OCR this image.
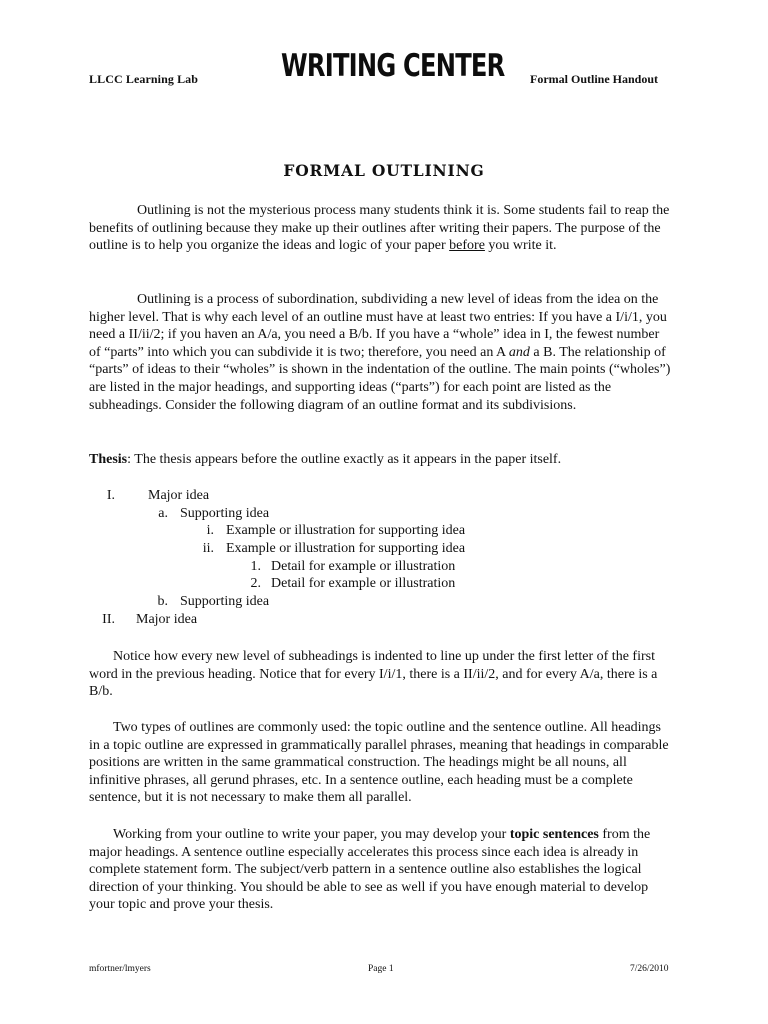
LLCC Learning Lab	WRITING CENTER Formal Outline Handout
FORMAL OUTLINING

Outlining is not the mysterious process many students think it is. Some students fail to reap the benefits of outlining because they make up their outlines after writing their papers. The purpose of the outline is to help you organize the ideas and logic of your paper before you write it.

Outlining is a process of subordination, subdividing a new level of ideas from the idea on the higher level. That is why each level of an outline must have at least two entries: If you have a I/i/1, you need a II/ii/2; if you haven an A/a, you need a B/b. If you have a “whole” idea in I, the fewest number of “parts” into which you can subdivide it is two; therefore, you need an A and a B. The relationship of “parts” of ideas to their “wholes” is shown in the indentation of the outline. The main points (“wholes”) are listed in the major headings, and supporting ideas (“parts”) for each point are listed as the subheadings. Consider the following diagram of an outline format and its subdivisions.

Thesis: The thesis appears before the outline exactly as it appears in the paper itself.

I. Major idea
a. Supporting idea
i. Example or illustration for supporting idea
ii. Example or illustration for supporting idea
1. Detail for example or illustration
2. Detail for example or illustration
b. Supporting idea
II. Major idea

Notice how every new level of subheadings is indented to line up under the first letter of the first word in the previous heading. Notice that for every I/i/1, there is a II/ii/2, and for every A/a, there is a B/b.

Two types of outlines are commonly used: the topic outline and the sentence outline. All headings in a topic outline are expressed in grammatically parallel phrases, meaning that headings in comparable positions are written in the same grammatical construction. The headings might be all nouns, all infinitive phrases, all gerund phrases, etc. In a sentence outline, each heading must be a complete sentence, but it is not necessary to make them all parallel.

Working from your outline to write your paper, you may develop your topic sentences from the major headings. A sentence outline especially accelerates this process since each idea is already in complete statement form. The subject/verb pattern in a sentence outline also establishes the logical direction of your thinking. You should be able to see as well if you have enough material to develop your topic and prove your thesis.

mfortner/lmyers	Page 1	7/26/2010
